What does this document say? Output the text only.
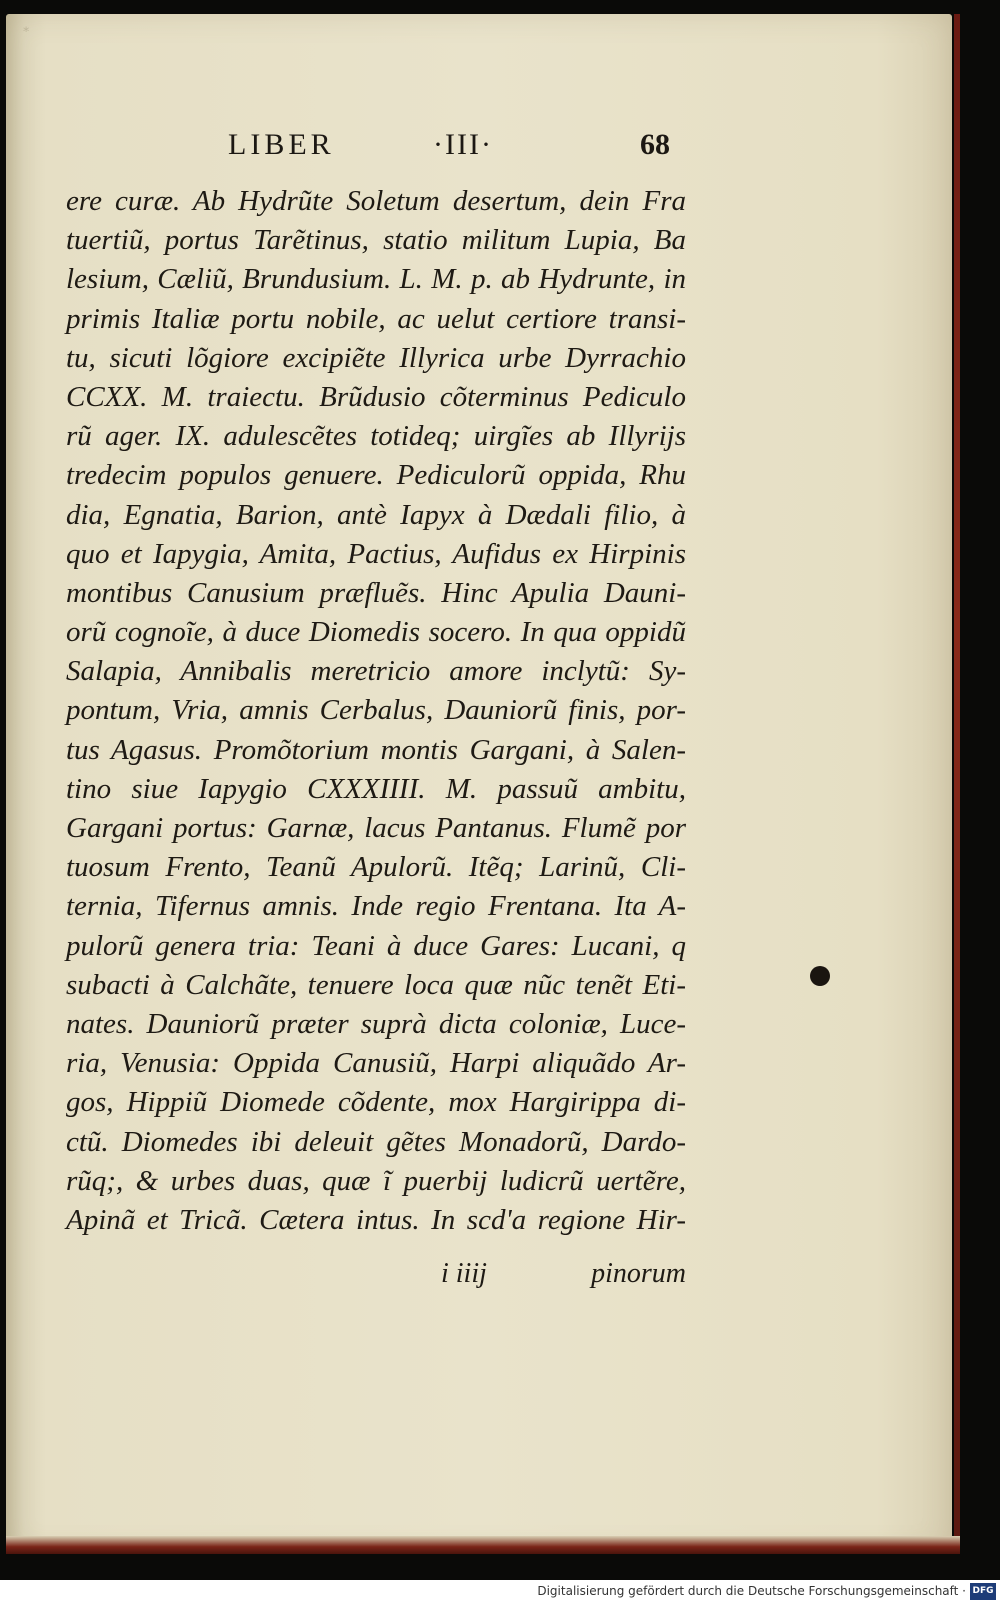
∗
LIBER	·III·	68
ere curæ. Ab Hydrũte Soletum desertum, dein Fra
tuertiũ, portus Tarẽtinus, statio militum Lupia, Ba
lesium, Cæliũ, Brundusium. L. M. p. ab Hydrunte, in
primis Italiæ portu nobile, ac uelut certiore transi-
tu, sicuti lõgiore excipiẽte Illyrica urbe Dyrrachio
CCXX. M. traiectu. Brũdusio cõterminus Pediculo
rũ ager. IX. adulescẽtes totideq; uirgĩes ab Illyrijs
tredecim populos genuere. Pediculorũ oppida, Rhu
dia, Egnatia, Barion, antè Iapyx à Dædali filio, à
quo et Iapygia, Amita, Pactius, Aufidus ex Hirpinis
montibus Canusium præfluẽs. Hinc Apulia Dauni-
orũ cognoĩe, à duce Diomedis socero. In qua oppidũ
Salapia, Annibalis meretricio amore inclytũ: Sy-
pontum, Vria, amnis Cerbalus, Dauniorũ finis, por-
tus Agasus. Promõtorium montis Gargani, à Salen-
tino siue Iapygio CXXXIIII. M. passuũ ambitu,
Gargani portus: Garnæ, lacus Pantanus. Flumẽ por
tuosum Frento, Teanũ Apulorũ. Itẽq; Larinũ, Cli-
ternia, Tifernus amnis. Inde regio Frentana. Ita A-
pulorũ genera tria: Teani à duce Gares: Lucani, q
subacti à Calchãte, tenuere loca quæ nũc tenẽt Eti-
nates. Dauniorũ præter suprà dicta coloniæ, Luce-
ria, Venusia: Oppida Canusiũ, Harpi aliquãdo Ar-
gos, Hippiũ Diomede cõdente, mox Hargirippa di-
ctũ. Diomedes ibi deleuit gẽtes Monadorũ, Dardo-
rũq;, & urbes duas, quæ ĩ puerbij ludicrũ uertẽre,
Apinã et Tricã. Cætera intus. In scd'a regione Hir-
i iiij	pinorum
Digitalisierung gefördert durch die Deutsche Forschungsgemeinschaft · DFG
